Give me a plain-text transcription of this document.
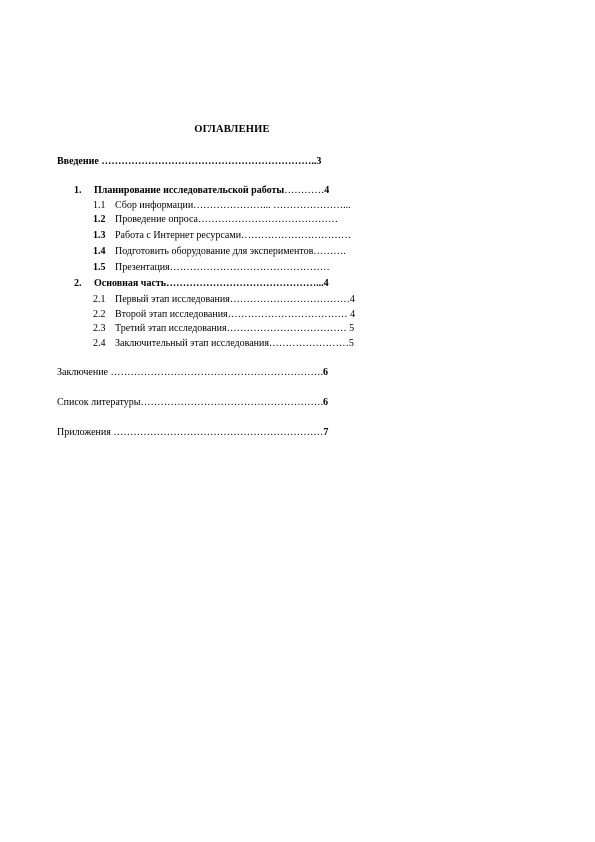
ОГЛАВЛЕНИЕ
Введение ………………………………………………………..3
1. Планирование исследовательской работы…………4
1.1 Сбор информации…………………... …………………...
1.2 Проведение опроса……………………………………
1.3 Работа с Интернет ресурсами……………………………
1.4 Подготовить оборудование для экспериментов……….
1.5 Презентация…………………………………………
2. Основная часть………………………………………...4
2.1 Первый этап исследования………………………………4
2.2 Второй этап исследования……………………………… 4
2.3 Третий этап исследования……………………………… 5
2.4 Заключительный этап исследования……………………5
Заключение ……………………………………………………….6
Список литературы……………………………………………….6
Приложения ………………………………………………………7
